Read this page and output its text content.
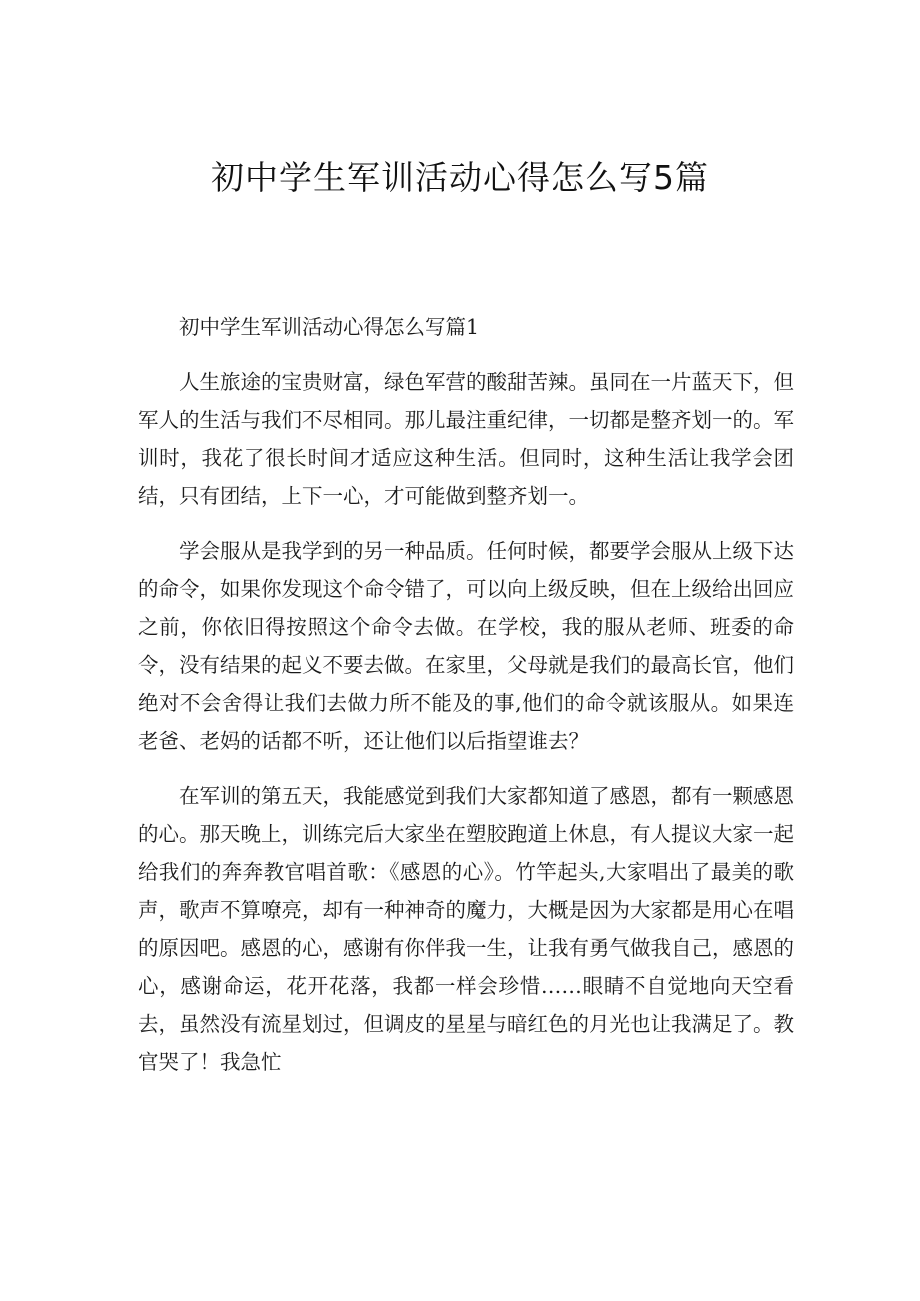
初中学生军训活动心得怎么写5篇

初中学生军训活动心得怎么写篇1

人生旅途的宝贵财富，绿色军营的酸甜苦辣。虽同在一片蓝天下，但军人的生活与我们不尽相同。那儿最注重纪律，一切都是整齐划一的。军训时，我花了很长时间才适应这种生活。但同时，这种生活让我学会团结，只有团结，上下一心，才可能做到整齐划一。

学会服从是我学到的另一种品质。任何时候，都要学会服从上级下达的命令，如果你发现这个命令错了，可以向上级反映，但在上级给出回应之前，你依旧得按照这个命令去做。在学校，我的服从老师、班委的命令，没有结果的起义不要去做。在家里，父母就是我们的最高长官，他们绝对不会舍得让我们去做力所不能及的事,他们的命令就该服从。如果连老爸、老妈的话都不听，还让他们以后指望谁去？

在军训的第五天，我能感觉到我们大家都知道了感恩，都有一颗感恩的心。那天晚上，训练完后大家坐在塑胶跑道上休息，有人提议大家一起给我们的奔奔教官唱首歌：《感恩的心》。竹竿起头,大家唱出了最美的歌声，歌声不算嘹亮，却有一种神奇的魔力，大概是因为大家都是用心在唱的原因吧。感恩的心，感谢有你伴我一生，让我有勇气做我自己，感恩的心，感谢命运，花开花落，我都一样会珍惜……眼睛不自觉地向天空看去，虽然没有流星划过，但调皮的星星与暗红色的月光也让我满足了。教官哭了！我急忙
